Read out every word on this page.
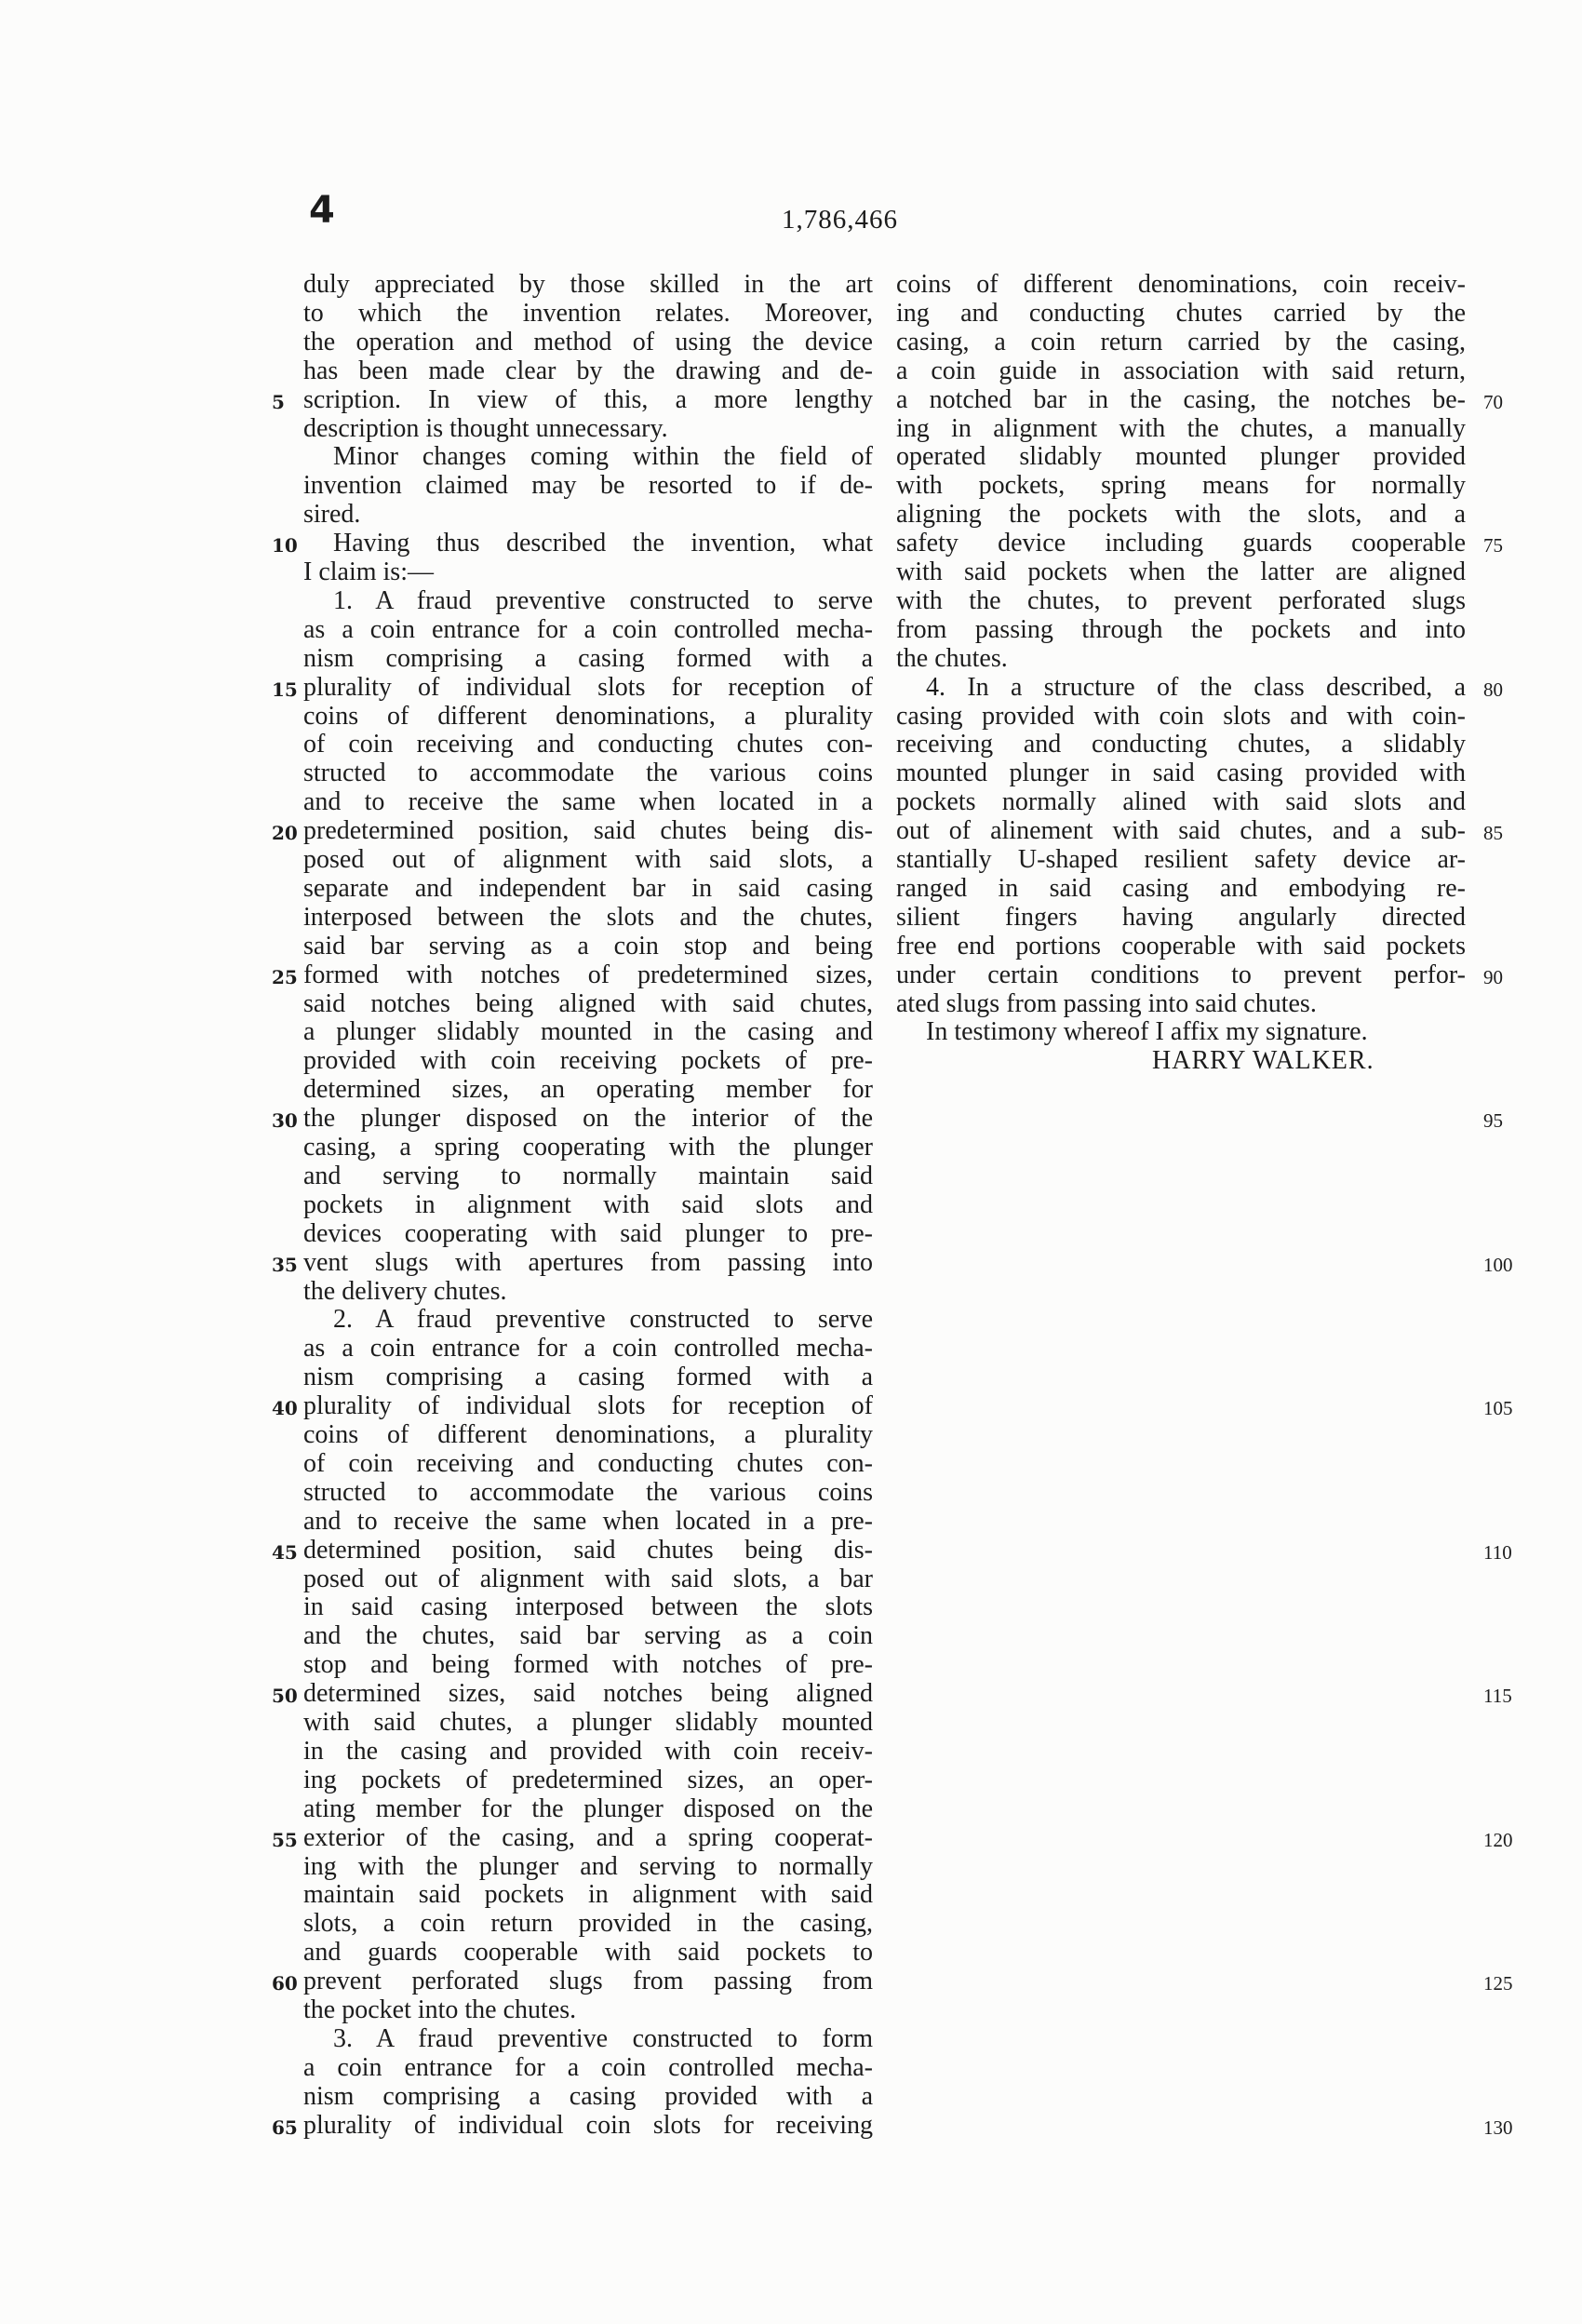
4	1,786,466
duly appreciated by those skilled in the art
to which the invention relates. Moreover,
the operation and method of using the device
has been made clear by the drawing and de-
scription. In view of this, a more lengthy
description is thought unnecessary.
Minor changes coming within the field of
invention claimed may be resorted to if de-
sired.
Having thus described the invention, what
I claim is:—
1. A fraud preventive constructed to serve
as a coin entrance for a coin controlled mecha-
nism comprising a casing formed with a
plurality of individual slots for reception of
coins of different denominations, a plurality
of coin receiving and conducting chutes con-
structed to accommodate the various coins
and to receive the same when located in a
predetermined position, said chutes being dis-
posed out of alignment with said slots, a
separate and independent bar in said casing
interposed between the slots and the chutes,
said bar serving as a coin stop and being
formed with notches of predetermined sizes,
said notches being aligned with said chutes,
a plunger slidably mounted in the casing and
provided with coin receiving pockets of pre-
determined sizes, an operating member for
the plunger disposed on the interior of the
casing, a spring cooperating with the plunger
and serving to normally maintain said
pockets in alignment with said slots and
devices cooperating with said plunger to pre-
vent slugs with apertures from passing into
the delivery chutes.
2. A fraud preventive constructed to serve
as a coin entrance for a coin controlled mecha-
nism comprising a casing formed with a
plurality of individual slots for reception of
coins of different denominations, a plurality
of coin receiving and conducting chutes con-
structed to accommodate the various coins
and to receive the same when located in a pre-
determined position, said chutes being dis-
posed out of alignment with said slots, a bar
in said casing interposed between the slots
and the chutes, said bar serving as a coin
stop and being formed with notches of pre-
determined sizes, said notches being aligned
with said chutes, a plunger slidably mounted
in the casing and provided with coin receiv-
ing pockets of predetermined sizes, an oper-
ating member for the plunger disposed on the
exterior of the casing, and a spring cooperat-
ing with the plunger and serving to normally
maintain said pockets in alignment with said
slots, a coin return provided in the casing,
and guards cooperable with said pockets to
prevent perforated slugs from passing from
the pocket into the chutes.
3. A fraud preventive constructed to form
a coin entrance for a coin controlled mecha-
nism comprising a casing provided with a
plurality of individual coin slots for receiving
coins of different denominations, coin receiv-
ing and conducting chutes carried by the
casing, a coin return carried by the casing,
a coin guide in association with said return,
a notched bar in the casing, the notches be-
ing in alignment with the chutes, a manually
operated slidably mounted plunger provided
with pockets, spring means for normally
aligning the pockets with the slots, and a
safety device including guards cooperable
with said pockets when the latter are aligned
with the chutes, to prevent perforated slugs
from passing through the pockets and into
the chutes.
4. In a structure of the class described, a
casing provided with coin slots and with coin-
receiving and conducting chutes, a slidably
mounted plunger in said casing provided with
pockets normally alined with said slots and
out of alinement with said chutes, and a sub-
stantially U-shaped resilient safety device ar-
ranged in said casing and embodying re-
silient fingers having angularly directed
free end portions cooperable with said pockets
under certain conditions to prevent perfor-
ated slugs from passing into said chutes.
In testimony whereof I affix my signature.
HARRY WALKER.
5
10
15
20
25
30
35
40
45
50
55
60
65
70
75
80
85
90
95
100
105
110
115
120
125
130
